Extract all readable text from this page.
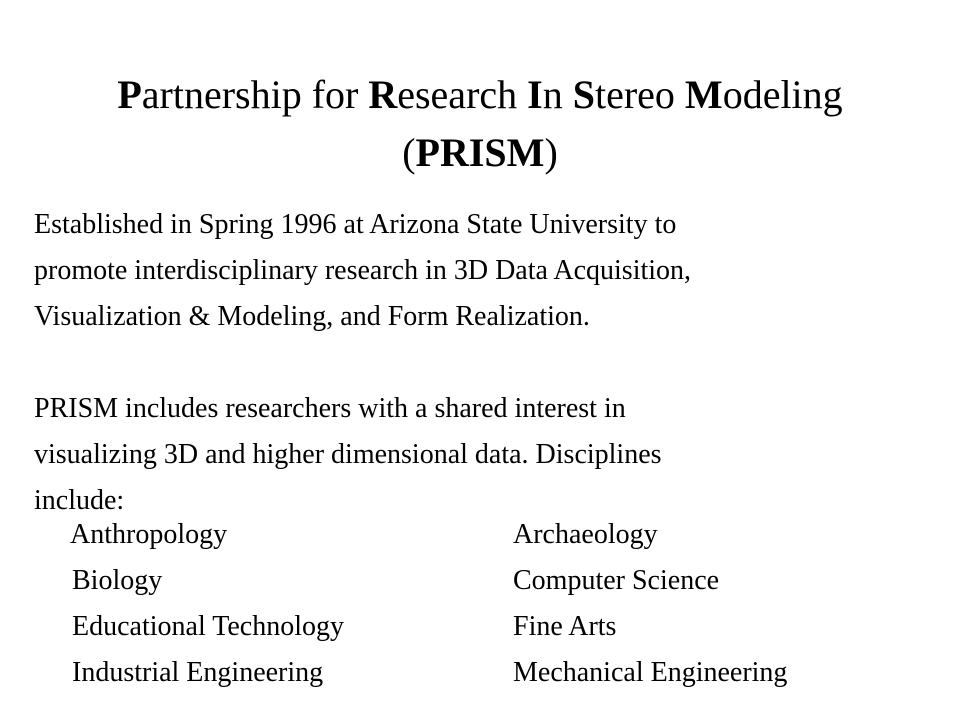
Partnership for Research In Stereo Modeling
(PRISM)
Established in Spring 1996 at Arizona State University to
promote interdisciplinary research in 3D Data Acquisition,
Visualization & Modeling, and Form Realization.
PRISM includes researchers with a shared interest in
visualizing 3D and higher dimensional data. Disciplines
include:
Anthropology
Biology
Educational Technology
Industrial Engineering
Archaeology
Computer Science
Fine Arts
Mechanical Engineering
